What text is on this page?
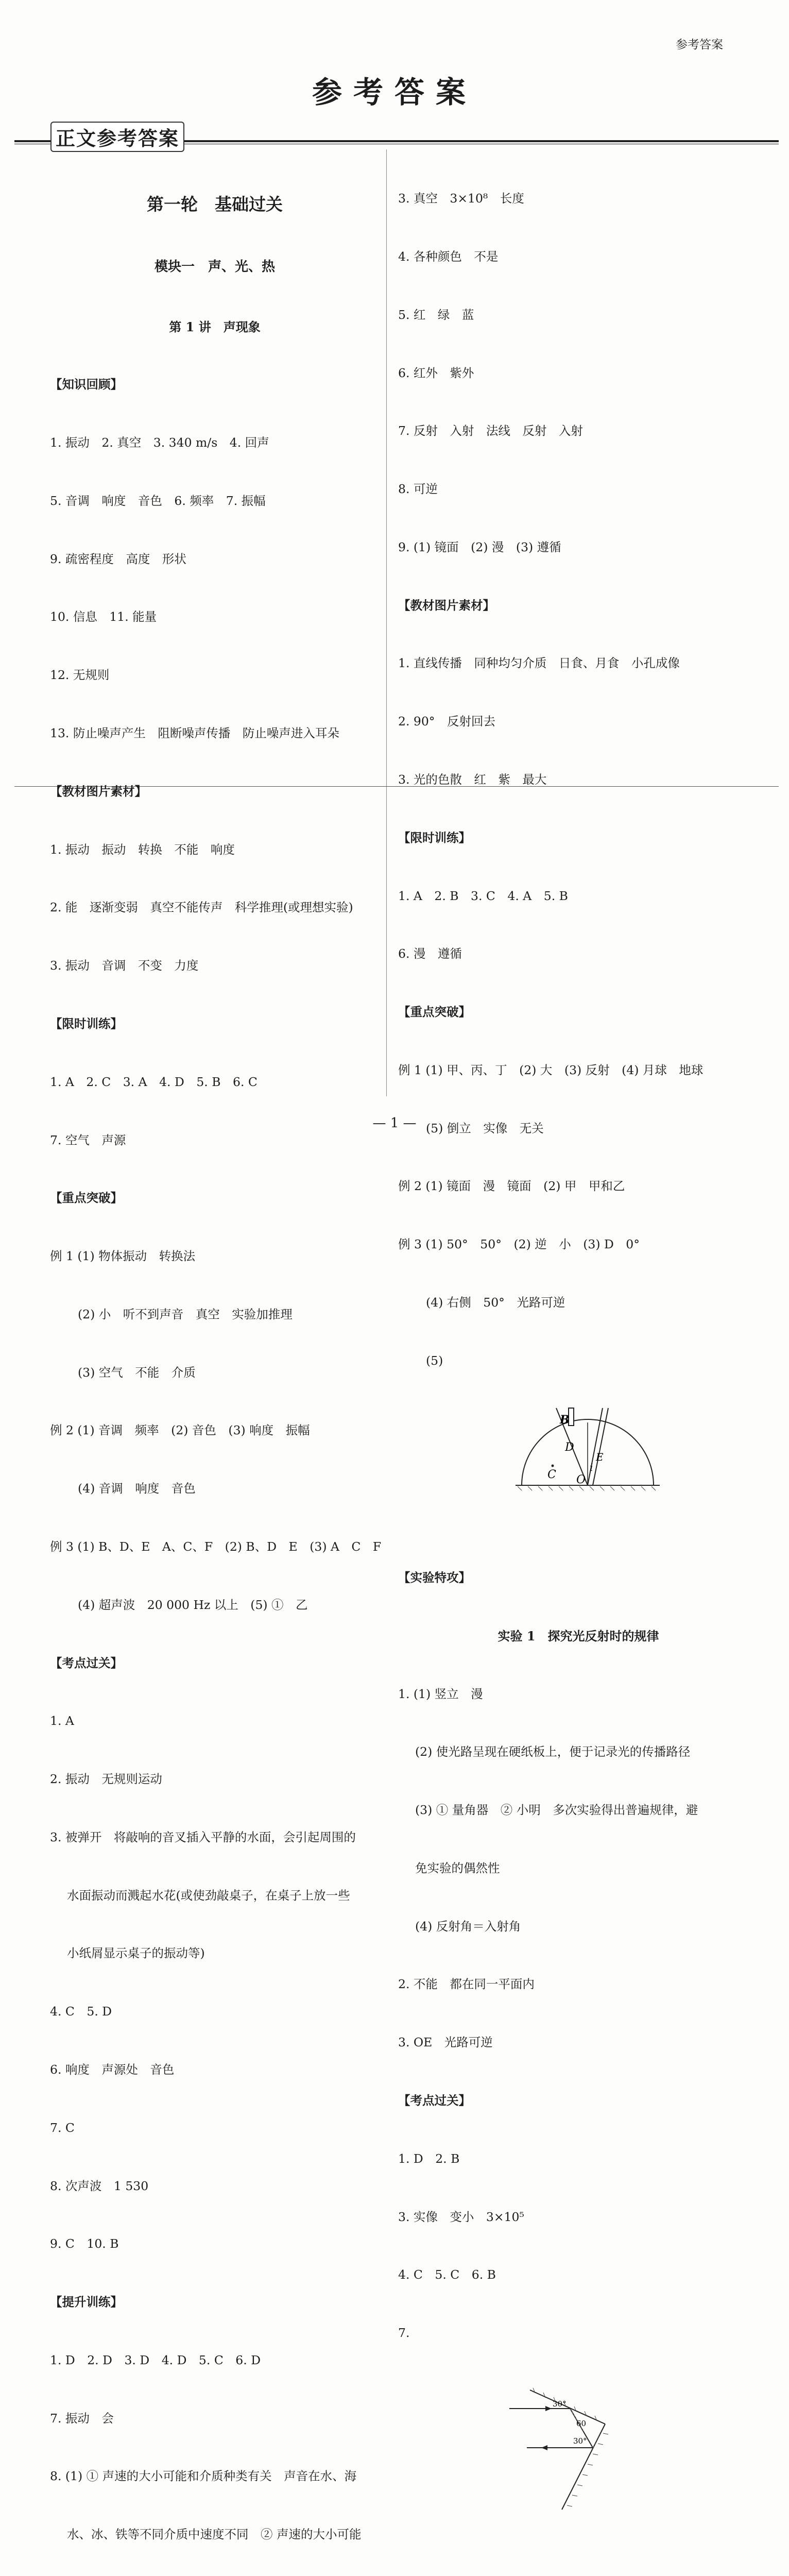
参考答案
参考答案
正文参考答案

第一轮　基础过关

模块一　声、光、热

第 1 讲　声现象

【知识回顾】

1. 振动　2. 真空　3. 340 m/s　4. 回声

5. 音调　响度　音色　6. 频率　7. 振幅

9. 疏密程度　高度　形状

10. 信息　11. 能量

12. 无规则

13. 防止噪声产生　阻断噪声传播　防止噪声进入耳朵

【教材图片素材】

1. 振动　振动　转换　不能　响度

2. 能　逐渐变弱　真空不能传声　科学推理(或理想实验)

3. 振动　音调　不变　力度

【限时训练】

1. A　2. C　3. A　4. D　5. B　6. C

7. 空气　声源

【重点突破】

例 1 (1) 物体振动　转换法

(2) 小　听不到声音　真空　实验加推理

(3) 空气　不能　介质

例 2 (1) 音调　频率　(2) 音色　(3) 响度　振幅

(4) 音调　响度　音色

例 3 (1) B、D、E　A、C、F　(2) B、D　E　(3) A　C　F

(4) 超声波　20 000 Hz 以上　(5) ①　乙

【考点过关】

1. A

2. 振动　无规则运动

3. 被弹开　将敲响的音叉插入平静的水面，会引起周围的

水面振动而溅起水花(或使劲敲桌子，在桌子上放一些

小纸屑显示桌子的振动等)

4. C　5. D

6. 响度　声源处　音色

7. C

8. 次声波　1 530

9. C　10. B

【提升训练】

1. D　2. D　3. D　4. D　5. C　6. D

7. 振动　会

8. (1) ① 声速的大小可能和介质种类有关　声音在水、海

水、冰、铁等不同介质中速度不同　② 声速的大小可能

3. 真空　3×10⁸　长度

4. 各种颜色　不是

5. 红　绿　蓝

6. 红外　紫外

7. 反射　入射　法线　反射　入射

8. 可逆

9. (1) 镜面　(2) 漫　(3) 遵循

【教材图片素材】

1. 直线传播　同种均匀介质　日食、月食　小孔成像

2. 90°　反射回去

3. 光的色散　红　紫　最大

【限时训练】

1. A　2. B　3. C　4. A　5. B

6. 漫　遵循

【重点突破】

例 1 (1) 甲、丙、丁　(2) 大　(3) 反射　(4) 月球　地球

(5) 倒立　实像　无关

例 2 (1) 镜面　漫　镜面　(2) 甲　甲和乙

例 3 (1) 50°　50°　(2) 逆　小　(3) D　0°

(4) 右侧　50°　光路可逆

(5)

B
D
i
E
C O

【实验特攻】

实验 1　探究光反射时的规律

1. (1) 竖立　漫

(2) 使光路呈现在硬纸板上，便于记录光的传播路径

(3) ① 量角器　② 小明　多次实验得出普遍规律，避

免实验的偶然性

(4) 反射角＝入射角

2. 不能　都在同一平面内

3. OE　光路可逆

【考点过关】

1. D　2. B

3. 实像　变小　3×10⁵

4. C　5. C　6. B

7.

30°
60
30°

— 1 —
